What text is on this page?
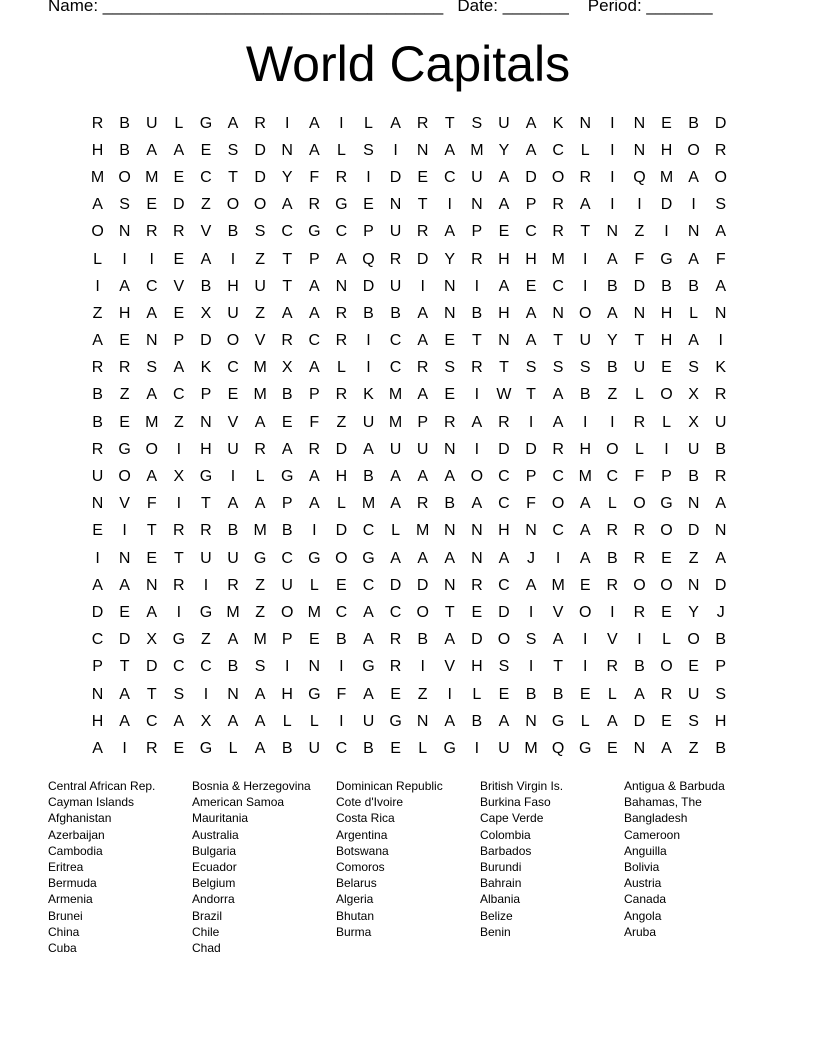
Name: ____________________________________ Date: _______ Period: _______
World Capitals
R B U	L	G A R	I	A	I	L	A R	T	S U A	K N	I	N E	B D
H B	A	A	E	S D N A	L	S	I	N A M Y	A C	L	I	N H O R
M O M E C	T	D Y	F	R	I	D E C U A D O R	I	Q M A O
A	S	E D	Z O O A R G E N	T	I	N A	P R A	I	I	D	I	S
O N R R V	B	S C G C P U R A	P	E C R	T	N	Z	I	N A
L	I	I	E	A	I	Z	T	P	A Q R D Y R H H M	I	A	F G A	F
I	A C V	B H U	T	A N D U	I	N	I	A	E C	I	B D B	B	A
Z	H A	E	X U	Z	A	A R B	B	A N B H A N O A N H	L	N
A	E N P D O V R C R	I	C A	E	T	N A	T	U Y	T	H A	I
R R S	A	K C M X	A	L	I	C R S R	T	S	S	S	B U E	S	K
B	Z	A C P	E M B	P R K M A	E	I	W T	A	B	Z	L	O X R
B	E M Z	N V	A	E	F	Z	U M P R A R	I	A	I	I	R	L	X U
R G O	I	H U R A R D A U U N	I	D D R H O	L	I	U B
U O A	X G	I	L	G A H B	A	A	A O C P C M C	F	P	B R
N V	F	I	T	A	A	P	A	L M A R B	A C	F O A	L	O G N A
E	I	T	R R B M B	I	D C	L M N N H N C A R R O D N
I	N E	T	U U G C G O G A	A	A N A	J	I	A	B R E	Z	A
A	A N R	I	R	Z	U	L	E C D D N R C A M E R O O N D
D E	A	I	G M Z O M C A C O T	E D	I	V O	I	R E	Y	J
C D X G Z	A M P	E	B	A R B	A D O S	A	I	V	I	L	O B
P	T	D C C B	S	I	N	I	G R	I	V H S	I	T	I	R B O E	P
N A	T	S	I	N A H G F	A	E	Z	I	L	E	B	B	E	L	A R U S
H A C A	X	A	A	L	L	I	U G N A	B	A N G	L	A D E	S H
A	I	R E G	L	A	B U C B	E	L	G	I	U M Q G E N A	Z	B
Central African Rep.
Cayman Islands
Afghanistan
Azerbaijan
Cambodia
Eritrea
Bermuda
Armenia
Brunei
China
Cuba
Bosnia & Herzegovina
American Samoa
Mauritania
Australia
Bulgaria
Ecuador
Belgium
Andorra
Brazil
Chile
Chad
Dominican Republic
Cote d'Ivoire
Costa Rica
Argentina
Botswana
Comoros
Belarus
Algeria
Bhutan
Burma
British Virgin Is.
Burkina Faso
Cape Verde
Colombia
Barbados
Burundi
Bahrain
Albania
Belize
Benin
Antigua & Barbuda
Bahamas, The
Bangladesh
Cameroon
Anguilla
Bolivia
Austria
Canada
Angola
Aruba
